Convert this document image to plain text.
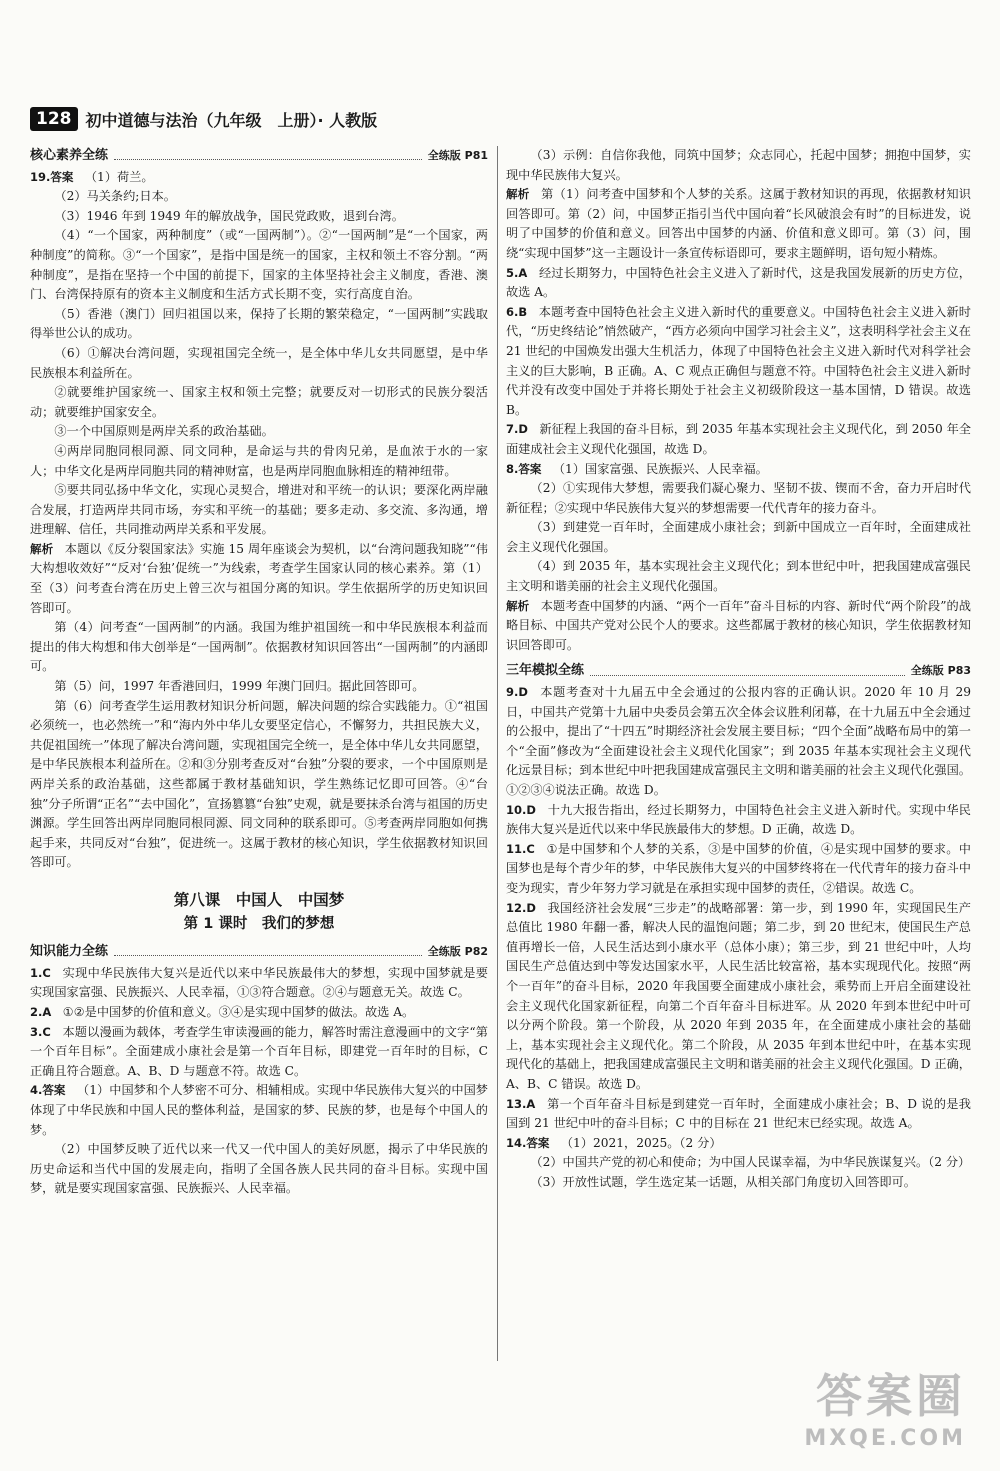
128 初中道德与法治（九年级　上册）· 人教版
核心素养全练	全练版 P81

19.答案 （1）荷兰。

（2）马关条约;日本。

（3）1946 年到 1949 年的解放战争，国民党政败，退到台湾。

（4）“一个国家，两种制度”（或“一国两制”）。②“一国两制”是“一个国家，两种制度”的简称。③“一个国家”，是指中国是统一的国家，主权和领土不容分割。“两种制度”，是指在坚持一个中国的前提下，国家的主体坚持社会主义制度，香港、澳门、台湾保持原有的资本主义制度和生活方式长期不变，实行高度自治。

（5）香港（澳门）回归祖国以来，保持了长期的繁荣稳定，“一国两制”实践取得举世公认的成功。

（6）①解决台湾问题，实现祖国完全统一，是全体中华儿女共同愿望，是中华民族根本利益所在。

②就要维护国家统一、国家主权和领土完整；就要反对一切形式的民族分裂活动；就要维护国家安全。

③一个中国原则是两岸关系的政治基础。

④两岸同胞同根同源、同文同种，是命运与共的骨肉兄弟，是血浓于水的一家人；中华文化是两岸同胞共同的精神财富，也是两岸同胞血脉相连的精神纽带。

⑤要共同弘扬中华文化，实现心灵契合，增进对和平统一的认识；要深化两岸融合发展，打造两岸共同市场，夯实和平统一的基础；要多走动、多交流、多沟通，增进理解、信任，共同推动两岸关系和平发展。

解析 本题以《反分裂国家法》实施 15 周年座谈会为契机，以“台湾问题我知晓”“伟大构想收效好”“反对‘台独’促统一”为线索，考查学生国家认同的核心素养。第（1）至（3）问考查台湾在历史上曾三次与祖国分离的知识。学生依据所学的历史知识回答即可。

第（4）问考查“一国两制”的内涵。我国为维护祖国统一和中华民族根本利益而提出的伟大构想和伟大创举是“一国两制”。依据教材知识回答出“一国两制”的内涵即可。

第（5）问，1997 年香港回归，1999 年澳门回归。据此回答即可。

第（6）问考查学生运用教材知识分析问题，解决问题的综合实践能力。①“祖国必须统一，也必然统一”和“海内外中华儿女要坚定信心，不懈努力，共担民族大义，共促祖国统一”体现了解决台湾问题，实现祖国完全统一，是全体中华儿女共同愿望，是中华民族根本利益所在。②和③分别考查反对“台独”分裂的要求，一个中国原则是两岸关系的政治基础，这些都属于教材基础知识，学生熟练记忆即可回答。④“台独”分子所谓“正名”“去中国化”，宣扬篡篡“台独”史观，就是要抹杀台湾与祖国的历史渊源。学生回答出两岸同胞同根同源、同文同种的联系即可。⑤考查两岸同胞如何携起手来，共同反对“台独”，促进统一。这属于教材的核心知识，学生依据教材知识回答即可。

第八课　中国人　中国梦
第 1 课时　我们的梦想
知识能力全练	全练版 P82

1.C 实现中华民族伟大复兴是近代以来中华民族最伟大的梦想，实现中国梦就是要实现国家富强、民族振兴、人民幸福，①③符合题意。②④与题意无关。故选 C。

2.A ①②是中国梦的价值和意义。③④是实现中国梦的做法。故选 A。

3.C 本题以漫画为载体，考查学生审读漫画的能力，解答时需注意漫画中的文字“第一个百年目标”。全面建成小康社会是第一个百年目标，即建党一百年时的目标，C 正确且符合题意。A、B、D 与题意不符。故选 C。

4.答案 （1）中国梦和个人梦密不可分、相辅相成。实现中华民族伟大复兴的中国梦体现了中华民族和中国人民的整体利益，是国家的梦、民族的梦，也是每个中国人的梦。

（2）中国梦反映了近代以来一代又一代中国人的美好夙愿，揭示了中华民族的历史命运和当代中国的发展走向，指明了全国各族人民共同的奋斗目标。实现中国梦，就是要实现国家富强、民族振兴、人民幸福。

（3）示例：自信你我他，同筑中国梦；众志同心，托起中国梦；拥抱中国梦，实现中华民族伟大复兴。

解析 第（1）问考查中国梦和个人梦的关系。这属于教材知识的再现，依据教材知识回答即可。第（2）问，中国梦正指引当代中国向着“长风破浪会有时”的目标进发，说明了中国梦的价值和意义。回答出中国梦的内涵、价值和意义即可。第（3）问，围绕“实现中国梦”这一主题设计一条宣传标语即可，要求主题鲜明，语句短小精炼。

5.A 经过长期努力，中国特色社会主义进入了新时代，这是我国发展新的历史方位，故选 A。

6.B 本题考查中国特色社会主义进入新时代的重要意义。中国特色社会主义进入新时代，“历史终结论”悄然破产，“西方必须向中国学习社会主义”，这表明科学社会主义在 21 世纪的中国焕发出强大生机活力，体现了中国特色社会主义进入新时代对科学社会主义的巨大影响，B 正确。A、C 观点正确但与题意不符。中国特色社会主义进入新时代并没有改变中国处于并将长期处于社会主义初级阶段这一基本国情，D 错误。故选 B。

7.D 新征程上我国的奋斗目标，到 2035 年基本实现社会主义现代化，到 2050 年全面建成社会主义现代化强国，故选 D。

8.答案 （1）国家富强、民族振兴、人民幸福。

（2）①实现伟大梦想，需要我们凝心聚力、坚韧不拔、锲而不舍，奋力开启时代新征程；②实现中华民族伟大复兴的梦想需要一代代青年的接力奋斗。

（3）到建党一百年时，全面建成小康社会；到新中国成立一百年时，全面建成社会主义现代化强国。

（4）到 2035 年，基本实现社会主义现代化；到本世纪中叶，把我国建成富强民主文明和谐美丽的社会主义现代化强国。

解析 本题考查中国梦的内涵、“两个一百年”奋斗目标的内容、新时代“两个阶段”的战略目标、中国共产党对公民个人的要求。这些都属于教材的核心知识，学生依据教材知识回答即可。

三年模拟全练	全练版 P83

9.D 本题考查对十九届五中全会通过的公报内容的正确认识。2020 年 10 月 29 日，中国共产党第十九届中央委员会第五次全体会议胜利闭幕，在十九届五中全会通过的公报中，提出了“十四五”时期经济社会发展主要目标；“四个全面”战略布局中的第一个“全面”修改为“全面建设社会主义现代化国家”；到 2035 年基本实现社会主义现代化远景目标；到本世纪中叶把我国建成富强民主文明和谐美丽的社会主义现代化强国。①②③④说法正确。故选 D。

10.D 十九大报告指出，经过长期努力，中国特色社会主义进入新时代。实现中华民族伟大复兴是近代以来中华民族最伟大的梦想。D 正确，故选 D。

11.C ①是中国梦和个人梦的关系，③是中国梦的价值，④是实现中国梦的要求。中国梦也是每个青少年的梦，中华民族伟大复兴的中国梦终将在一代代青年的接力奋斗中变为现实，青少年努力学习就是在承担实现中国梦的责任，②错误。故选 C。

12.D 我国经济社会发展“三步走”的战略部署：第一步，到 1990 年，实现国民生产总值比 1980 年翻一番，解决人民的温饱问题；第二步，到 20 世纪末，使国民生产总值再增长一倍，人民生活达到小康水平（总体小康）；第三步，到 21 世纪中叶，人均国民生产总值达到中等发达国家水平，人民生活比较富裕，基本实现现代化。按照“两个一百年”的奋斗目标，2020 年我国要全面建成小康社会，乘势而上开启全面建设社会主义现代化国家新征程，向第二个百年奋斗目标进军。从 2020 年到本世纪中叶可以分两个阶段。第一个阶段，从 2020 年到 2035 年，在全面建成小康社会的基础上，基本实现社会主义现代化。第二个阶段，从 2035 年到本世纪中叶，在基本实现现代化的基础上，把我国建成富强民主文明和谐美丽的社会主义现代化强国。D 正确，A、B、C 错误。故选 D。

13.A 第一个百年奋斗目标是到建党一百年时，全面建成小康社会；B、D 说的是我国到 21 世纪中叶的奋斗目标；C 中的目标在 21 世纪末已经实现。故选 A。

14.答案 （1）2021，2025。（2 分）

（2）中国共产党的初心和使命；为中国人民谋幸福，为中华民族谋复兴。（2 分）

（3）开放性试题，学生选定某一话题，从相关部门角度切入回答即可。

答案圈
MXQE.COM
